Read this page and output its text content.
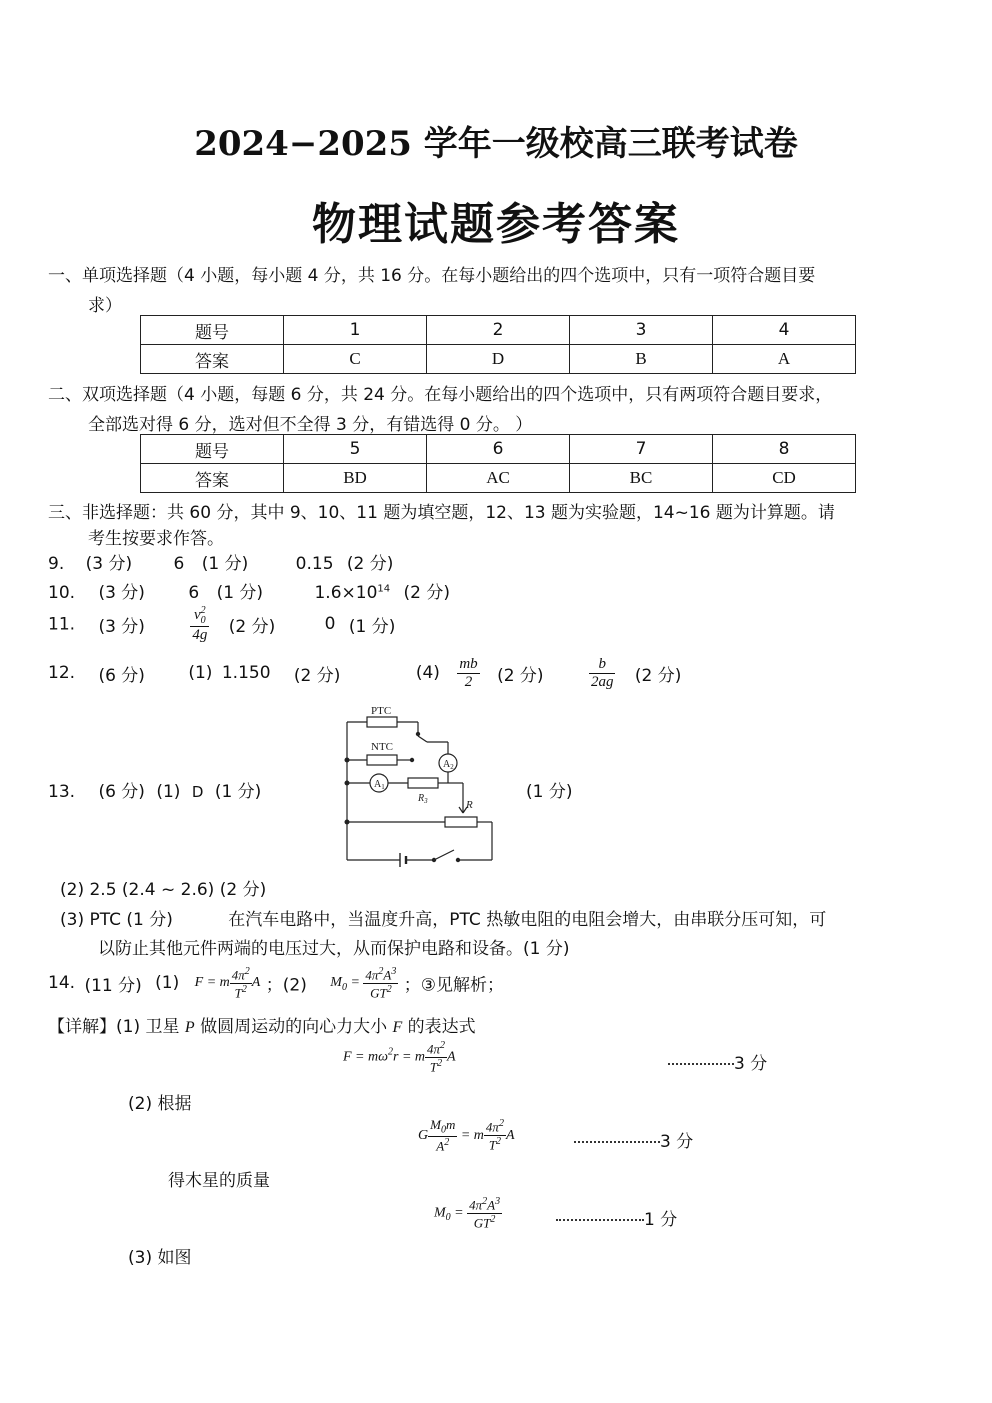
2024−2025 学年一级校高三联考试卷
物理试题参考答案
一、单项选择题（4 小题，每小题 4 分，共 16 分。在每小题给出的四个选项中，只有一项符合题目要
求）
题号	1	2	3	4
答案	C	D	B	A
二、双项选择题（4 小题，每题 6 分，共 24 分。在每小题给出的四个选项中，只有两项符合题目要求，
全部选对得 6 分，选对但不全得 3 分，有错选得 0 分。 ）
题号	5	6	7	8
答案	BD	AC	BC	CD
三、非选择题：共 60 分，其中 9、10、11 题为填空题，12、13 题为实验题，14~16 题为计算题。请
考生按要求作答。
9. (3 分) 6 (1 分)	0.15 (2 分)
10. (3 分)	6 (1 分)	$1.6\times 10^{14}$ (2 分)
11. (3 分)	$\frac{v_0^2}{4g} (2$ 分)	0 (1 分)
12. (6 分)	(1) 1.150 (2 分)	$(4) \frac{mb}{2} (2$ 分)	$\frac{b}{2ag} (2$ 分)
13. (6 分) (1) D (1 分)	(1 分)
PTC
NTC
$A_1$
$A_2$
$R_3$	R
(2) 2.5 (2.4 ~ 2.6) (2 分)
(3) PTC (1 分)	在汽车电路中，当温度升高，PTC 热敏电阻的电阻会增大，由串联分压可知，可
以防止其他元件两端的电压过大，从而保护电路和设备。(1 分)
14. (11 分) (1) F = m $\frac{4\pi^2}{T^2}$ A ；(2) $M_0 = \frac{4\pi^2A^3}{GT^2}$ ；③见解析；
【详解】(1) 卫星 P 做圆周运动的向心力大小 F 的表达式
$F = m\omega^2r = m \frac{4\pi^2}{T^2}$ A	3 分
(2) 根据
G $\frac{M_0m}{A^2} = m \frac{4\pi^2}{T^2}$ A	3 分
得木星的质量
$M_0 = \frac{4\pi^2A^3}{GT^2}$	1 分
(3) 如图
